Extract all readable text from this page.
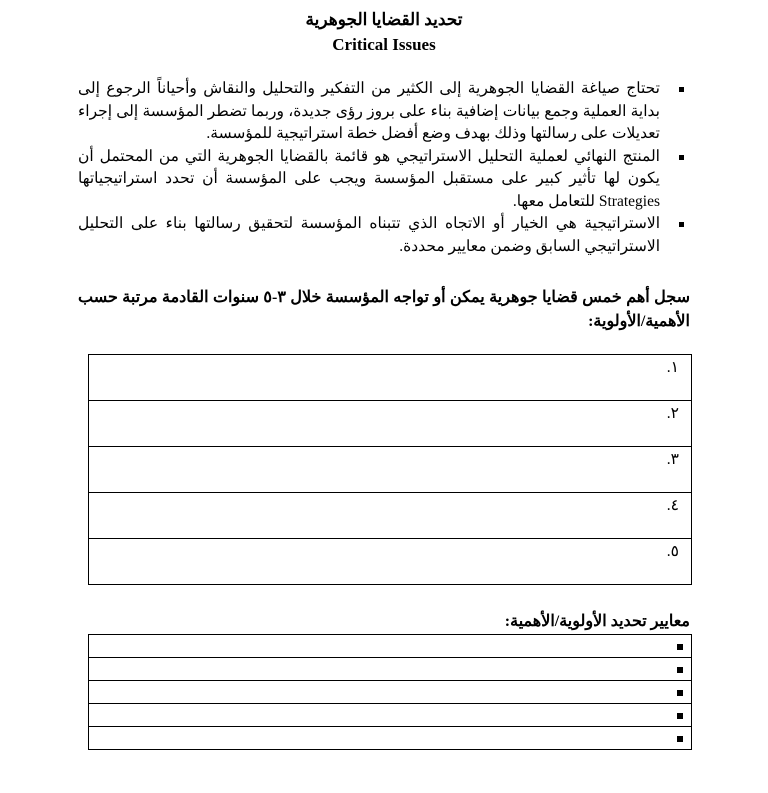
تحديد القضايا الجوهرية
Critical Issues
تحتاج صياغة القضايا الجوهرية إلى الكثير من التفكير والتحليل والنقاش وأحياناً الرجوع إلى بداية العملية وجمع بيانات إضافية بناء على بروز رؤى جديدة، وربما تضطر المؤسسة إلى إجراء تعديلات على رسالتها وذلك بهدف وضع أفضل خطة استراتيجية للمؤسسة.
المنتج النهائي لعملية التحليل الاستراتيجي هو قائمة بالقضايا الجوهرية التي من المحتمل أن يكون لها تأثير كبير على مستقبل المؤسسة ويجب على المؤسسة أن تحدد استراتيجياتها Strategies للتعامل معها.
الاستراتيجية هي الخيار أو الاتجاه الذي تتبناه المؤسسة لتحقيق رسالتها بناء على التحليل الاستراتيجي السابق وضمن معايير محددة.
سجل أهم خمس قضايا جوهرية يمكن أو تواجه المؤسسة خلال ٣-٥ سنوات القادمة مرتبة حسب الأهمية/الأولوية:
١.
٢.
٣.
٤.
٥.
معايير تحديد الأولوية/الأهمية:
